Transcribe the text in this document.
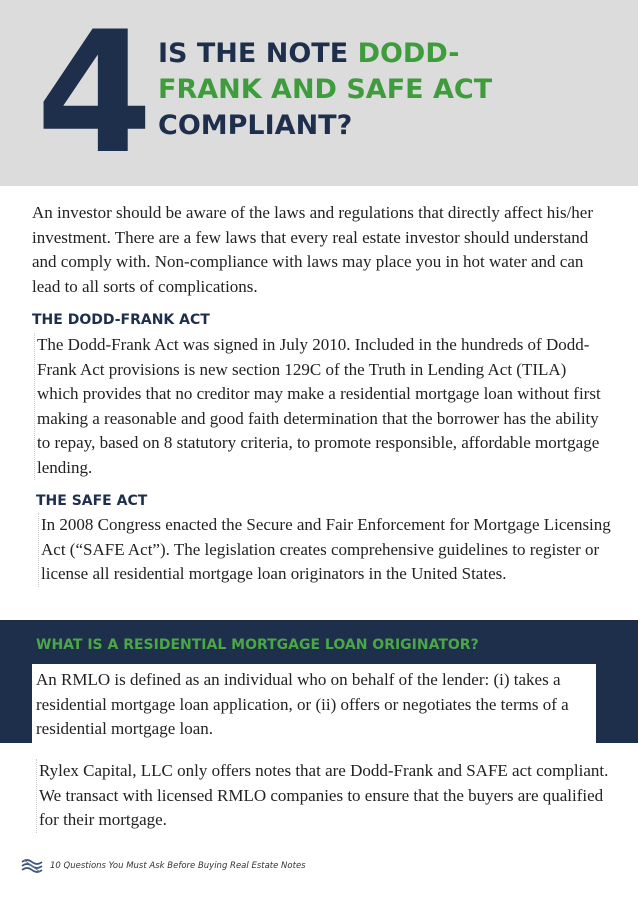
4 IS THE NOTE DODD-FRANK AND SAFE ACT COMPLIANT?

An investor should be aware of the laws and regulations that directly affect his/her investment. There are a few laws that every real estate investor should understand and comply with. Non-compliance with laws may place you in hot water and can lead to all sorts of complications.

THE DODD-FRANK ACT

The Dodd-Frank Act was signed in July 2010. Included in the hundreds of Dodd-Frank Act provisions is new section 129C of the Truth in Lending Act (TILA) which provides that no creditor may make a residential mortgage loan without first making a reasonable and good faith determination that the borrower has the ability to repay, based on 8 statutory criteria, to promote responsible, affordable mortgage lending.

THE SAFE ACT

In 2008 Congress enacted the Secure and Fair Enforcement for Mortgage Licensing Act (“SAFE Act”). The legislation creates comprehensive guidelines to register or license all residential mortgage loan originators in the United States.

WHAT IS A RESIDENTIAL MORTGAGE LOAN ORIGINATOR?

An RMLO is defined as an individual who on behalf of the lender: (i) takes a residential mortgage loan application, or (ii) offers or negotiates the terms of a residential mortgage loan.

Rylex Capital, LLC only offers notes that are Dodd-Frank and SAFE act compliant. We transact with licensed RMLO companies to ensure that the buyers are qualified for their mortgage.

10 Questions You Must Ask Before Buying Real Estate Notes
